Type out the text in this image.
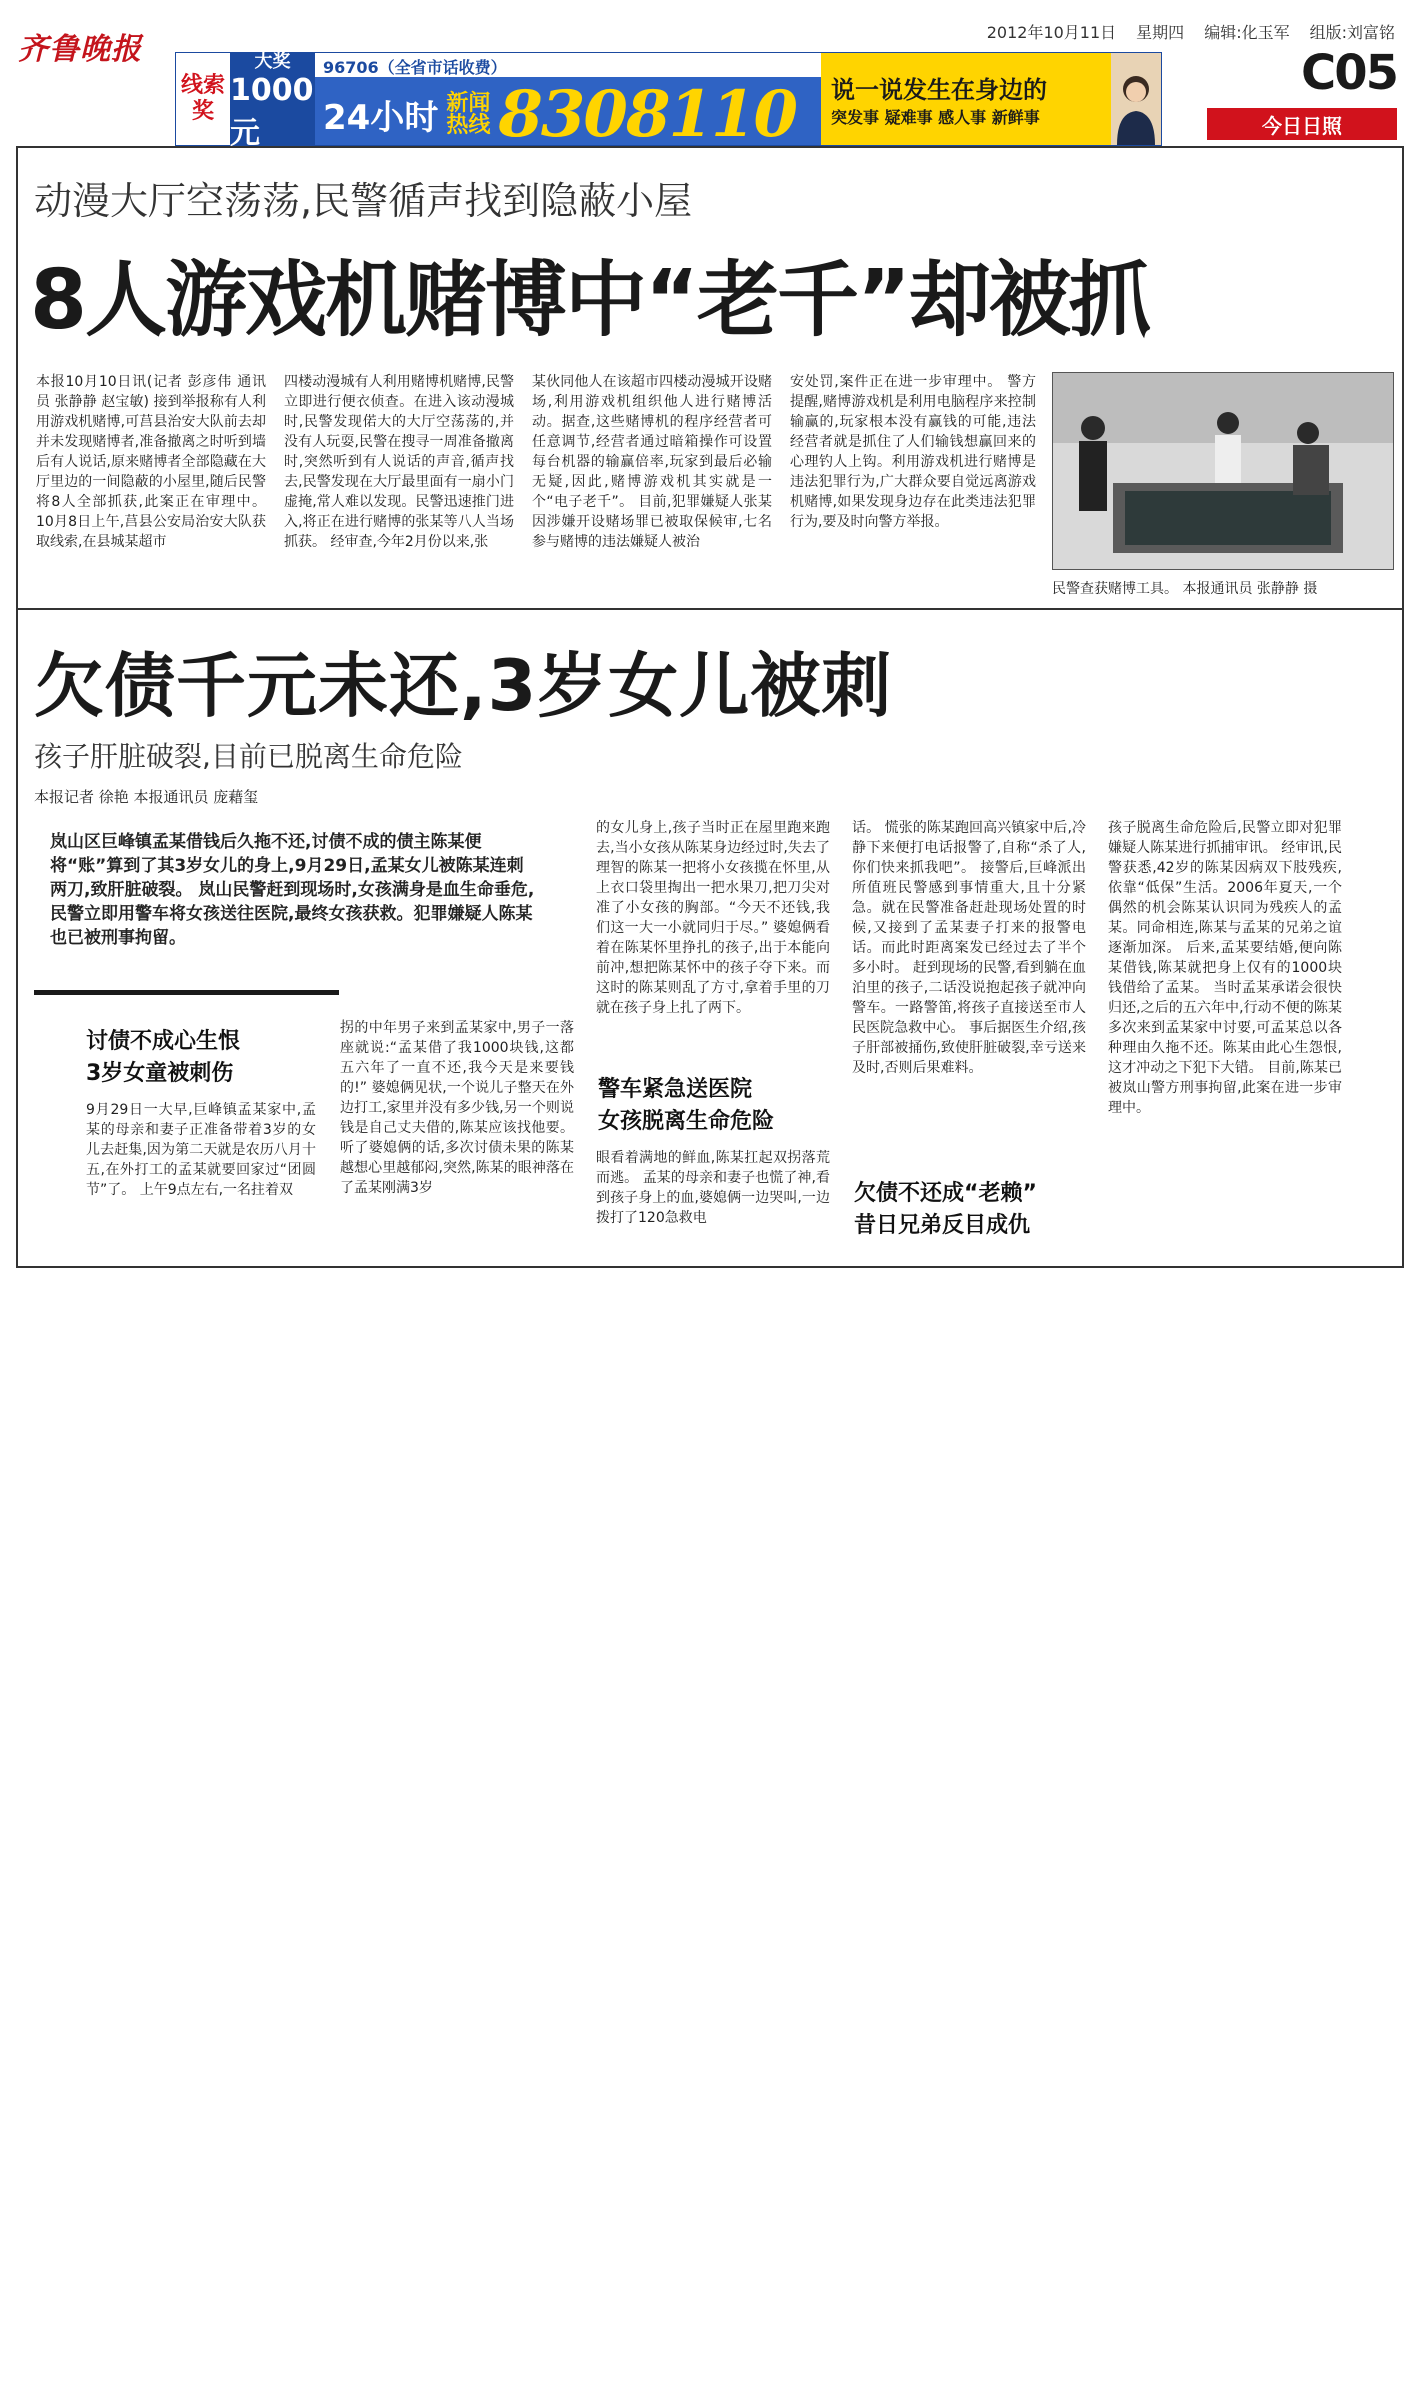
齐鲁晚报	2012年10月11日 星期四 编辑:化玉军 组版:刘富铭
线索奖
大奖
1000元
96706（全省市话收费）
24小时 新闻
热线 8308110 说一说发生在身边的
突发事 疑难事 感人事 新鲜事
C05
今日日照
动漫大厅空荡荡,民警循声找到隐蔽小屋
8人游戏机赌博中“老千”却被抓
本报10月10日讯(记者 彭彦伟 通讯员 张静静 赵宝敏) 接到举报称有人利用游戏机赌博,可莒县治安大队前去却并未发现赌博者,准备撤离之时听到墙后有人说话,原来赌博者全部隐藏在大厅里边的一间隐蔽的小屋里,随后民警将8人全部抓获,此案正在审理中。 10月8日上午,莒县公安局治安大队获取线索,在县城某超市
四楼动漫城有人利用赌博机赌博,民警立即进行便衣侦查。在进入该动漫城时,民警发现偌大的大厅空荡荡的,并没有人玩耍,民警在搜寻一周准备撤离时,突然听到有人说话的声音,循声找去,民警发现在大厅最里面有一扇小门虚掩,常人难以发现。民警迅速推门进入,将正在进行赌博的张某等八人当场抓获。 经审查,今年2月份以来,张
某伙同他人在该超市四楼动漫城开设赌场,利用游戏机组织他人进行赌博活动。据查,这些赌博机的程序经营者可任意调节,经营者通过暗箱操作可设置每台机器的输赢倍率,玩家到最后必输无疑,因此,赌博游戏机其实就是一个“电子老千”。 目前,犯罪嫌疑人张某因涉嫌开设赌场罪已被取保候审,七名参与赌博的违法嫌疑人被治
安处罚,案件正在进一步审理中。 警方提醒,赌博游戏机是利用电脑程序来控制输赢的,玩家根本没有赢钱的可能,违法经营者就是抓住了人们输钱想赢回来的心理钓人上钩。利用游戏机进行赌博是违法犯罪行为,广大群众要自觉远离游戏机赌博,如果发现身边存在此类违法犯罪行为,要及时向警方举报。
民警查获赌博工具。 本报通讯员 张静静 摄
欠债千元未还,3岁女儿被刺
孩子肝脏破裂,目前已脱离生命危险
本报记者 徐艳 本报通讯员 庞藉玺
岚山区巨峰镇孟某借钱后久拖不还,讨债不成的债主陈某便将“账”算到了其3岁女儿的身上,9月29日,孟某女儿被陈某连刺两刀,致肝脏破裂。 岚山民警赶到现场时,女孩满身是血生命垂危,民警立即用警车将女孩送往医院,最终女孩获救。犯罪嫌疑人陈某也已被刑事拘留。
讨债不成心生恨
3岁女童被刺伤
9月29日一大早,巨峰镇孟某家中,孟某的母亲和妻子正准备带着3岁的女儿去赶集,因为第二天就是农历八月十五,在外打工的孟某就要回家过“团圆节”了。 上午9点左右,一名拄着双
拐的中年男子来到孟某家中,男子一落座就说:“孟某借了我1000块钱,这都五六年了一直不还,我今天是来要钱的!” 婆媳俩见状,一个说儿子整天在外边打工,家里并没有多少钱,另一个则说钱是自己丈夫借的,陈某应该找他要。 听了婆媳俩的话,多次讨债未果的陈某越想心里越郁闷,突然,陈某的眼神落在了孟某刚满3岁
的女儿身上,孩子当时正在屋里跑来跑去,当小女孩从陈某身边经过时,失去了理智的陈某一把将小女孩揽在怀里,从上衣口袋里掏出一把水果刀,把刀尖对准了小女孩的胸部。“今天不还钱,我们这一大一小就同归于尽。” 婆媳俩看着在陈某怀里挣扎的孩子,出于本能向前冲,想把陈某怀中的孩子夺下来。而这时的陈某则乱了方寸,拿着手里的刀就在孩子身上扎了两下。
警车紧急送医院
女孩脱离生命危险
眼看着满地的鲜血,陈某扛起双拐落荒而逃。 孟某的母亲和妻子也慌了神,看到孩子身上的血,婆媳俩一边哭叫,一边拨打了120急救电
话。 慌张的陈某跑回高兴镇家中后,冷静下来便打电话报警了,自称“杀了人,你们快来抓我吧”。 接警后,巨峰派出所值班民警感到事情重大,且十分紧急。就在民警准备赶赴现场处置的时候,又接到了孟某妻子打来的报警电话。而此时距离案发已经过去了半个多小时。 赶到现场的民警,看到躺在血泊里的孩子,二话没说抱起孩子就冲向警车。一路警笛,将孩子直接送至市人民医院急救中心。 事后据医生介绍,孩子肝部被捅伤,致使肝脏破裂,幸亏送来及时,否则后果难料。
欠债不还成“老赖”
昔日兄弟反目成仇
孩子脱离生命危险后,民警立即对犯罪嫌疑人陈某进行抓捕审讯。 经审讯,民警获悉,42岁的陈某因病双下肢残疾,依靠“低保”生活。2006年夏天,一个偶然的机会陈某认识同为残疾人的孟某。同命相连,陈某与孟某的兄弟之谊逐渐加深。 后来,孟某要结婚,便向陈某借钱,陈某就把身上仅有的1000块钱借给了孟某。 当时孟某承诺会很快归还,之后的五六年中,行动不便的陈某多次来到孟某家中讨要,可孟某总以各种理由久拖不还。陈某由此心生怨恨,这才冲动之下犯下大错。 目前,陈某已被岚山警方刑事拘留,此案在进一步审理中。
